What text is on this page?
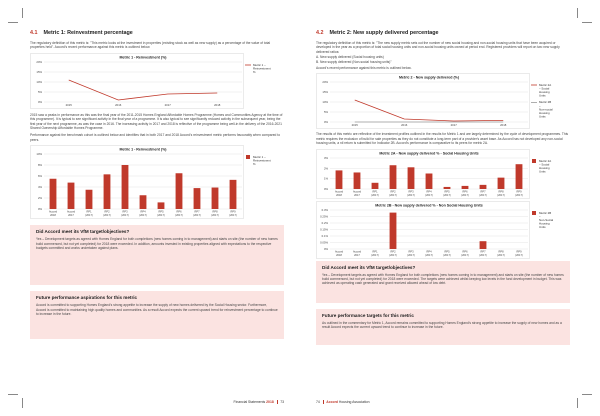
4.1 Metric 1: Reinvestment percentage

The regulatory definition of this metric is: "This metric looks at the investment in properties (existing stock as well as new supply) as a percentage of the value of total properties held". Accord's recent performance against this metric is outlined below.

Metric 1 - Reinvestment (%)
0%
5%
10%
15%
20%
2015	2016	2017	2018
Metric 1 –
Reinvestment
%

2015 saw a peaks in performance as this was the final year of the 2011-2015 Homes England Affordable Homes Programme (Homes and Communities Agency at the time of this programme). It is typical to see significant activity in the final year of a programme. It is also typical to see significantly reduced activity in the subsequent year, being the first year of the next programme, as was the case in 2016. The increasing activity in 2017 and 2018 is reflective of the programme being well-in the delivery of the 2016-2021 Shared Ownership Affordable Homes Programme.

Performance against the benchmark cohort is outlined below and identifies that in both 2017 and 2018 Accord's reinvestment metric performs favourably when compared to peers.

Metric 1 - Reinvestment (%)
0%
2%
4%
6%
8%
10%
Accord
2018
Accord
2017
RP1
(2017)
RP2
(2017)
RP3
(2017)
RP4
(2017)
RP5
(2017)
RP6
(2017)
RP7
(2017)
RP8
(2017)
RP9
(2017)
Metric 1 –
Reinvestment
%
Did Accord meet its VfM target/objectives?

Yes – Development targets as agreed with Homes England for both completions (new homes coming in to management) and starts on site (the number of new homes build commenced, but not yet completed) for 2018 were exceeded. In addition, amounts invested in existing properties aligned with expectations to the respective budgets committed and works undertaken against plans.

Future performance aspirations for this metric

Accord is committed to supporting Homes England's strong appetite to increase the supply of new homes delivered by the Social Housing sector. Furthermore, Accord is committed to maintaining high quality homes and communities. As a result Accord expects the current upward trend for reinvestment percentage to continue to increase in the future.

Financial Statements 2018 73
4.2 Metric 2: New supply delivered percentage

The regulatory definition of this metric is: "The new supply metric sets out the number of new social housing and non-social housing units that have been acquired or developed in the year as a proportion of total social housing units and non-social housing units owned at period end. Registered providers will report on two new supply delivered ratios:

A. New supply delivered (Social housing units)

B. New supply delivered (Non-social housing units)"

Accord's recent performance against this metric is outlined below.

Metric 2 - New supply delivered (%)
0%
5%
10%
15%
20%
2015	2016	2017	2018
Metric 2A
– Social
Housing
Units
Metric 2B
–
Non-social
Housing
Units

The results of this metric are reflective of the investment profiles outlined in the results for Metric 1 and are largely determined by the cycle of development programmes. This metric requires the exclusion of build for sale properties as they do not constitute a long-term part of a provider's asset base. As Accord has not developed any non-social housing units, a nil return is submitted for Indicator 2B. Accord's performance is comparative to its peers for metric 2A.

Metric 2A - New supply delivered % - Social Housing Units
0%
1%
2%
3%
Accord
2018
Accord
2017
RP1
(2017)
RP2
(2017)
RP3
(2017)
RP4
(2017)
RP5
(2017)
RP6
(2017)
RP7
(2017)
RP8
(2017)
RP9
(2017)
Metric 2A
– Social
Housing
Units
Metric 2B - New supply delivered % - Non Social Housing Units
0%
0.05%
0.1%
0.15%
0.2%
0.25%
0.3%
Accord
2018
Accord
2017
RP1
(2017)
RP2
(2017)
RP3
(2017)
RP4
(2017)
RP5
(2017)
RP6
(2017)
RP7
(2017)
RP8
(2017)
RP9
(2017)
Metric 2B
–
Non-Social
Housing
Units
Did Accord meet its VfM target/objectives?

Yes – Development targets as agreed with Homes England for both completions (new homes coming in to management) and starts on site (the number of new homes build commenced, but not yet completed) for 2018 were exceeded. The targets were achieved whilst keeping low levels in the fund development in budget. This was achieved as operating cash generated and grant received allowed ahead of low debt.

Future performance targets for this metric

As outlined in the commentary for Metric 1, Accord remains committed to supporting Homes England's strong appetite to increase the supply of new homes and as a result Accord expects the current upward trend to continue to increase in the future.

74 Accord Housing Association
